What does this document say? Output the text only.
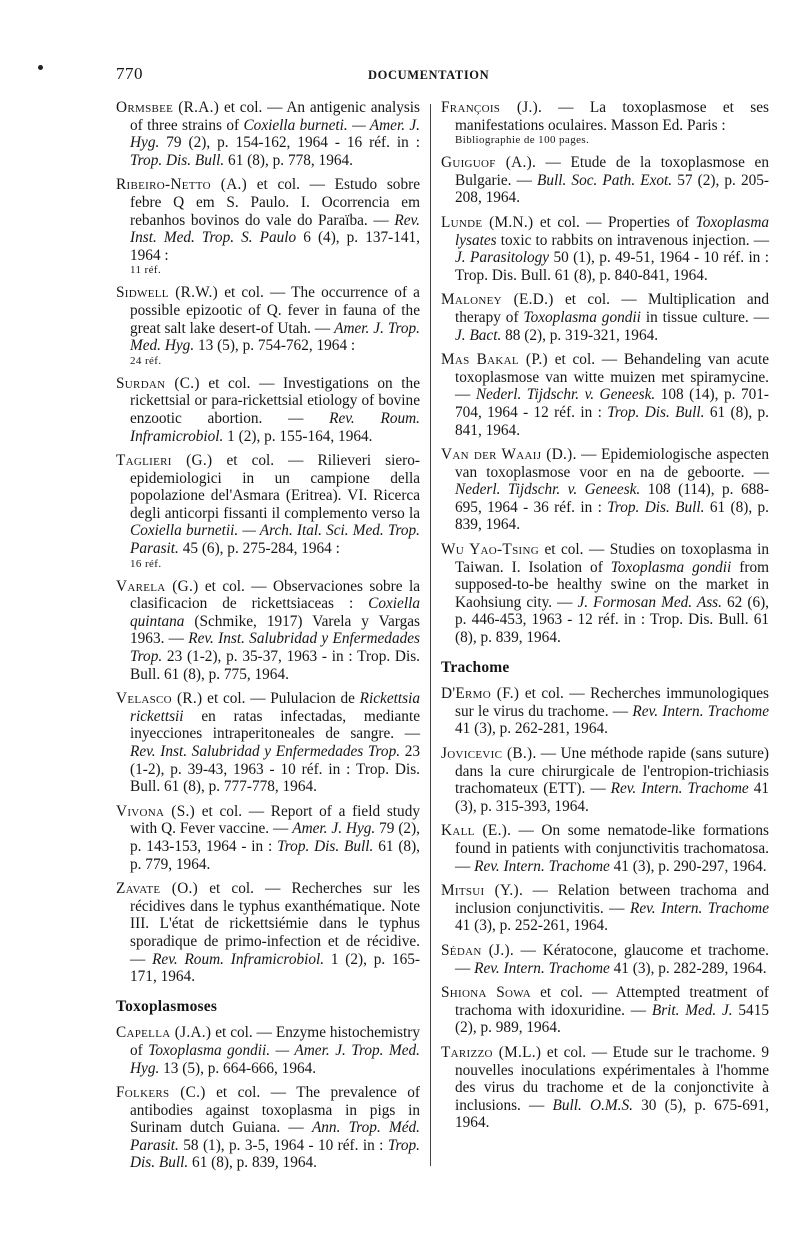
770	DOCUMENTATION

Ormsbee (R.A.) et col. — An antigenic analysis of three strains of Coxiella burneti. — Amer. J. Hyg. 79 (2), p. 154-162, 1964 - 16 réf. in : Trop. Dis. Bull. 61 (8), p. 778, 1964.

Ribeiro-Netto (A.) et col. — Estudo sobre febre Q em S. Paulo. I. Ocorrencia em rebanhos bovinos do vale do Paraïba. — Rev. Inst. Med. Trop. S. Paulo 6 (4), p. 137-141, 1964 :
11 réf.

Sidwell (R.W.) et col. — The occurrence of a possible epizootic of Q. fever in fauna of the great salt lake desert-of Utah. — Amer. J. Trop. Med. Hyg. 13 (5), p. 754-762, 1964 :
24 réf.

Surdan (C.) et col. — Investigations on the rickettsial or para-rickettsial etiology of bovine enzootic abortion. — Rev. Roum. Inframicrobiol. 1 (2), p. 155-164, 1964.

Taglieri (G.) et col. — Rilieveri siero-epidemiologici in un campione della popolazione del'Asmara (Eritrea). VI. Ricerca degli anticorpi fissanti il complemento verso la Coxiella burnetii. — Arch. Ital. Sci. Med. Trop. Parasit. 45 (6), p. 275-284, 1964 :
16 réf.

Varela (G.) et col. — Observaciones sobre la clasificacion de rickettsiaceas : Coxiella quintana (Schmike, 1917) Varela y Vargas 1963. — Rev. Inst. Salubridad y Enfermedades Trop. 23 (1-2), p. 35-37, 1963 - in : Trop. Dis. Bull. 61 (8), p. 775, 1964.

Velasco (R.) et col. — Pululacion de Rickettsia rickettsii en ratas infectadas, mediante inyecciones intraperitoneales de sangre. — Rev. Inst. Salubridad y Enfermedades Trop. 23 (1-2), p. 39-43, 1963 - 10 réf. in : Trop. Dis. Bull. 61 (8), p. 777-778, 1964.

Vivona (S.) et col. — Report of a field study with Q. Fever vaccine. — Amer. J. Hyg. 79 (2), p. 143-153, 1964 - in : Trop. Dis. Bull. 61 (8), p. 779, 1964.

Zavate (O.) et col. — Recherches sur les récidives dans le typhus exanthématique. Note III. L'état de rickettsiémie dans le typhus sporadique de primo-infection et de récidive. — Rev. Roum. Inframicrobiol. 1 (2), p. 165-171, 1964.

Toxoplasmoses

Capella (J.A.) et col. — Enzyme histochemistry of Toxoplasma gondii. — Amer. J. Trop. Med. Hyg. 13 (5), p. 664-666, 1964.

Folkers (C.) et col. — The prevalence of antibodies against toxoplasma in pigs in Surinam dutch Guiana. — Ann. Trop. Méd. Parasit. 58 (1), p. 3-5, 1964 - 10 réf. in : Trop. Dis. Bull. 61 (8), p. 839, 1964.

François (J.). — La toxoplasmose et ses manifestations oculaires. Masson Ed. Paris :
Bibliographie de 100 pages.

Guiguof (A.). — Etude de la toxoplasmose en Bulgarie. — Bull. Soc. Path. Exot. 57 (2), p. 205-208, 1964.

Lunde (M.N.) et col. — Properties of Toxoplasma lysates toxic to rabbits on intravenous injection. — J. Parasitology 50 (1), p. 49-51, 1964 - 10 réf. in : Trop. Dis. Bull. 61 (8), p. 840-841, 1964.

Maloney (E.D.) et col. — Multiplication and therapy of Toxoplasma gondii in tissue culture. — J. Bact. 88 (2), p. 319-321, 1964.

Mas Bakal (P.) et col. — Behandeling van acute toxoplasmose van witte muizen met spiramycine. — Nederl. Tijdschr. v. Geneesk. 108 (14), p. 701-704, 1964 - 12 réf. in : Trop. Dis. Bull. 61 (8), p. 841, 1964.

Van der Waaij (D.). — Epidemiologische aspecten van toxoplasmose voor en na de geboorte. — Nederl. Tijdschr. v. Geneesk. 108 (114), p. 688-695, 1964 - 36 réf. in : Trop. Dis. Bull. 61 (8), p. 839, 1964.

Wu Yao-Tsing et col. — Studies on toxoplasma in Taiwan. I. Isolation of Toxoplasma gondii from supposed-to-be healthy swine on the market in Kaohsiung city. — J. Formosan Med. Ass. 62 (6), p. 446-453, 1963 - 12 réf. in : Trop. Dis. Bull. 61 (8), p. 839, 1964.

Trachome

D'Ermo (F.) et col. — Recherches immunologiques sur le virus du trachome. — Rev. Intern. Trachome 41 (3), p. 262-281, 1964.

Jovicevic (B.). — Une méthode rapide (sans suture) dans la cure chirurgicale de l'entropion-trichiasis trachomateux (ETT). — Rev. Intern. Trachome 41 (3), p. 315-393, 1964.

Kall (E.). — On some nematode-like formations found in patients with conjunctivitis trachomatosa. — Rev. Intern. Trachome 41 (3), p. 290-297, 1964.

Mitsui (Y.). — Relation between trachoma and inclusion conjunctivitis. — Rev. Intern. Trachome 41 (3), p. 252-261, 1964.

Sédan (J.). — Kératocone, glaucome et trachome. — Rev. Intern. Trachome 41 (3), p. 282-289, 1964.

Shiona Sowa et col. — Attempted treatment of trachoma with idoxuridine. — Brit. Med. J. 5415 (2), p. 989, 1964.

Tarizzo (M.L.) et col. — Etude sur le trachome. 9 nouvelles inoculations expérimentales à l'homme des virus du trachome et de la conjonctivite à inclusions. — Bull. O.M.S. 30 (5), p. 675-691, 1964.
